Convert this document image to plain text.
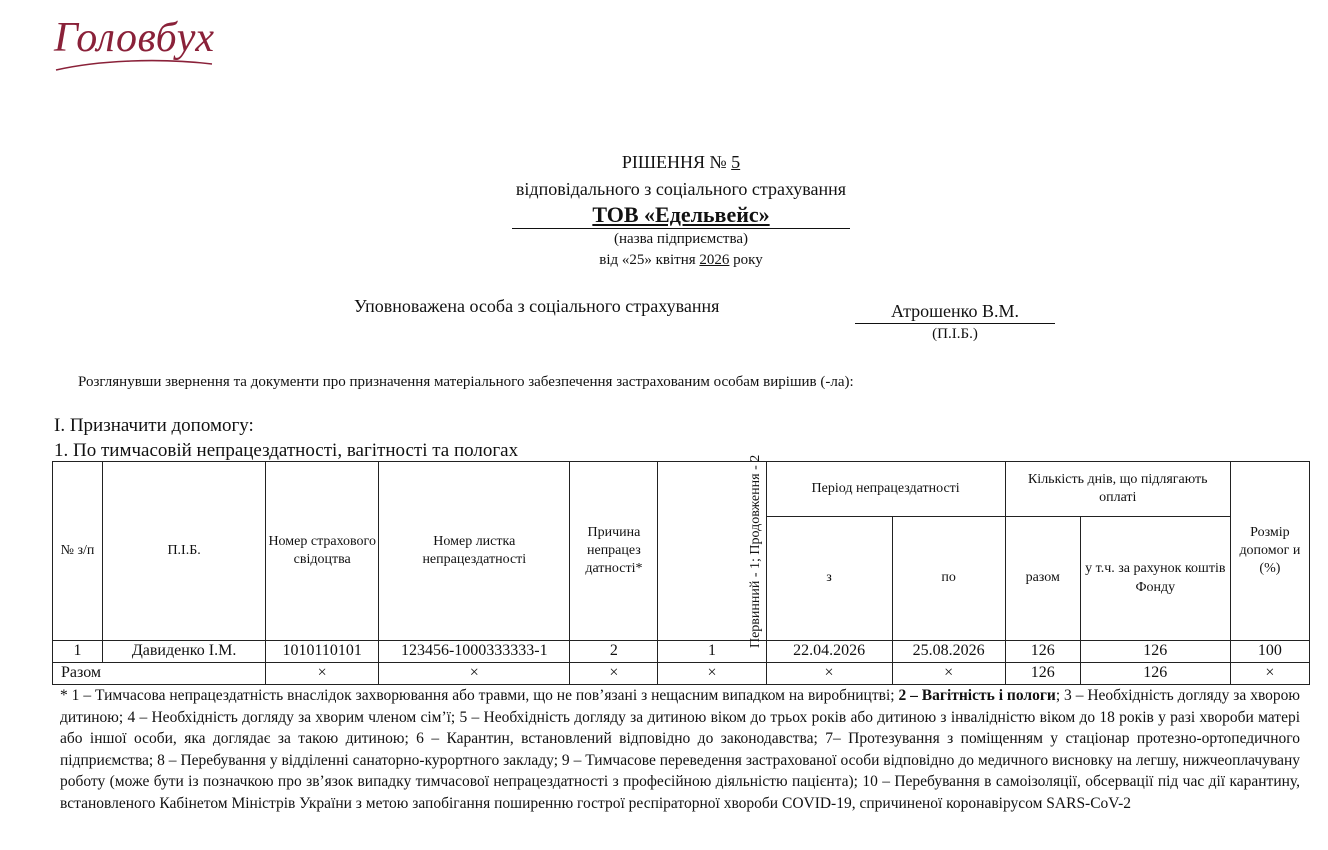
Головбух
РІШЕННЯ № 5
відповідального з соціального страхування
ТОВ «Едельвейс»
(назва підприємства)
від «25» квітня 2026 року
Уповноважена особа з соціального страхування	Атрошенко В.М.
(П.І.Б.)
Розглянувши звернення та документи про призначення матеріального забезпечення застрахованим особам вирішив (-ла):
І. Призначити допомогу:
1. По тимчасовій непрацездатності, вагітності та пологах
№ з/п	П.І.Б.	Номер страхового свідоцтва	Номер листка непрацездатності	Причина непрацез датності*	Первинний - 1; Продовження - 2	Період непрацездатності		Кількість днів, що підлягають оплаті		Розмір допомог и (%)
						з	по	разом	у т.ч. за рахунок коштів Фонду	
1	Давиденко І.М.	1010110101	123456-1000333333-1	2	1	22.04.2026	25.08.2026	126	126	100
Разом		×	×	×	×	×	×	126	126	×
* 1 – Тимчасова непрацездатність внаслідок захворювання або травми, що не пов’язані з нещасним випадком на виробництві; 2 – Вагітність і пологи; 3 – Необхідність догляду за хворою дитиною; 4 – Необхідність догляду за хворим членом сім’ї; 5 – Необхідність догляду за дитиною віком до трьох років або дитиною з інвалідністю віком до 18 років у разі хвороби матері або іншої особи, яка доглядає за такою дитиною; 6 – Карантин, встановлений відповідно до законодавства; 7– Протезування з поміщенням у стаціонар протезно-ортопедичного підприємства; 8 – Перебування у відділенні санаторно-курортного закладу; 9 – Тимчасове переведення застрахованої особи відповідно до медичного висновку на легшу, нижчеоплачувану роботу (може бути із позначкою про зв’язок випадку тимчасової непрацездатності з професійною діяльністю пацієнта); 10 – Перебування в самоізоляції, обсервації під час дії карантину, встановленого Кабінетом Міністрів України з метою запобігання поширенню гострої респіраторної хвороби COVID-19, спричиненої коронавірусом SARS-CoV-2
